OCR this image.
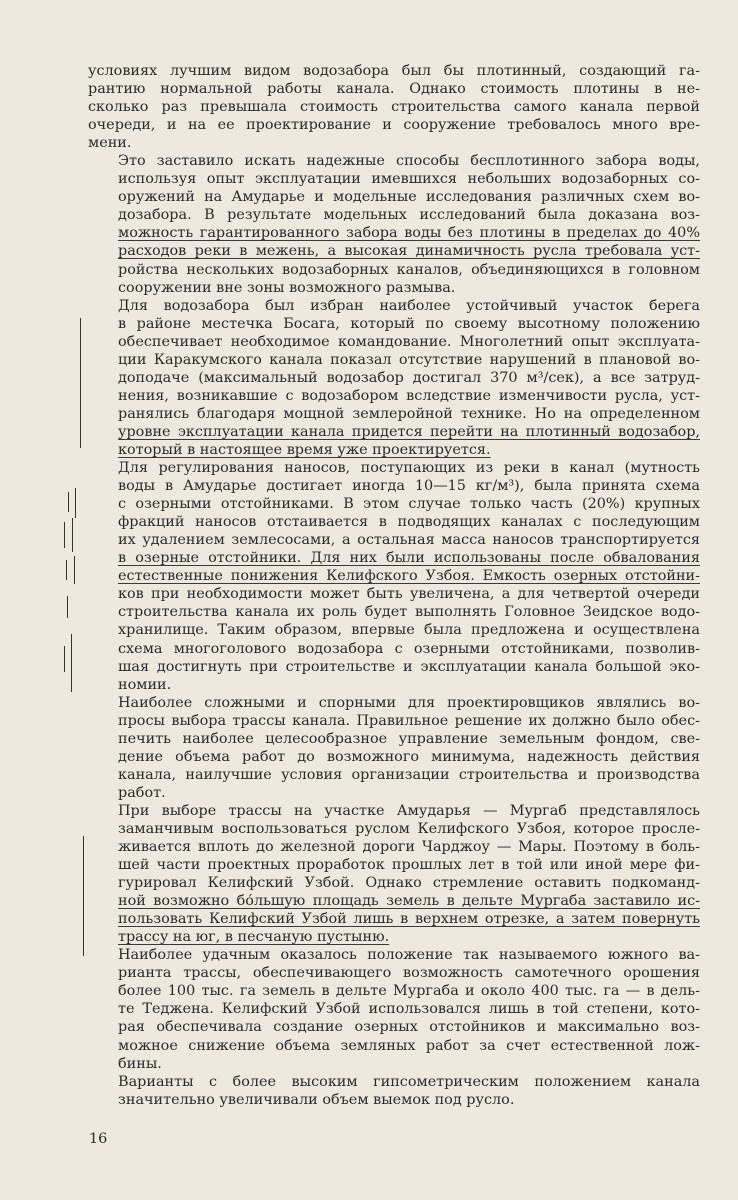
условиях лучшим видом водозабора был бы плотинный, создающий га-
рантию нормальной работы канала. Однако стоимость плотины в не-
сколько раз превышала стоимость строительства самого канала первой
очереди, и на ее проектирование и сооружение требовалось много вре-
мени.

Это заставило искать надежные способы бесплотинного забора воды,
используя опыт эксплуатации имевшихся небольших водозаборных со-
оружений на Амударье и модельные исследования различных схем во-
дозабора. В результате модельных исследований была доказана воз-
можность гарантированного забора воды без плотины в пределах до 40%
расходов реки в межень, а высокая динамичность русла требовала уст-
ройства нескольких водозаборных каналов, объединяющихся в головном
сооружении вне зоны возможного размыва.

Для водозабора был избран наиболее устойчивый участок берега
в районе местечка Босага, который по своему высотному положению
обеспечивает необходимое командование. Многолетний опыт эксплуата-
ции Каракумского канала показал отсутствие нарушений в плановой во-
доподаче (максимальный водозабор достигал 370 м³/сек), а все затруд-
нения, возникавшие с водозабором вследствие изменчивости русла, уст-
ранялись благодаря мощной землеройной технике. Но на определенном
уровне эксплуатации канала придется перейти на плотинный водозабор,
который в настоящее время уже проектируется.

Для регулирования наносов, поступающих из реки в канал (мутность
воды в Амударье достигает иногда 10—15 кг/м³), была принята схема
с озерными отстойниками. В этом случае только часть (20%) крупных
фракций наносов отстаивается в подводящих каналах с последующим
их удалением землесосами, а остальная масса наносов транспортируется
в озерные отстойники. Для них были использованы после обвалования
естественные понижения Келифского Узбоя. Емкость озерных отстойни-
ков при необходимости может быть увеличена, а для четвертой очереди
строительства канала их роль будет выполнять Головное Зеидское водо-
хранилище. Таким образом, впервые была предложена и осуществлена
схема многоголового водозабора с озерными отстойниками, позволив-
шая достигнуть при строительстве и эксплуатации канала большой эко-
номии.

Наиболее сложными и спорными для проектировщиков являлись во-
просы выбора трассы канала. Правильное решение их должно было обес-
печить наиболее целесообразное управление земельным фондом, све-
дение объема работ до возможного минимума, надежность действия
канала, наилучшие условия организации строительства и производства
работ.

При выборе трассы на участке Амударья — Мургаб представлялось
заманчивым воспользоваться руслом Келифского Узбоя, которое просле-
живается вплоть до железной дороги Чарджоу — Мары. Поэтому в боль-
шей части проектных проработок прошлых лет в той или иной мере фи-
гурировал Келифский Узбой. Однако стремление оставить подкоманд-
ной возможно бо́льшую площадь земель в дельте Мургаба заставило ис-
пользовать Келифский Узбой лишь в верхнем отрезке, а затем повернуть
трассу на юг, в песчаную пустыню.

Наиболее удачным оказалось положение так называемого южного ва-
рианта трассы, обеспечивающего возможность самотечного орошения
более 100 тыс. га земель в дельте Мургаба и около 400 тыс. га — в дель-
те Теджена. Келифский Узбой использовался лишь в той степени, кото-
рая обеспечивала создание озерных отстойников и максимально воз-
можное снижение объема земляных работ за счет естественной лож-
бины.

Варианты с более высоким гипсометрическим положением канала
значительно увеличивали объем выемок под русло.

16
